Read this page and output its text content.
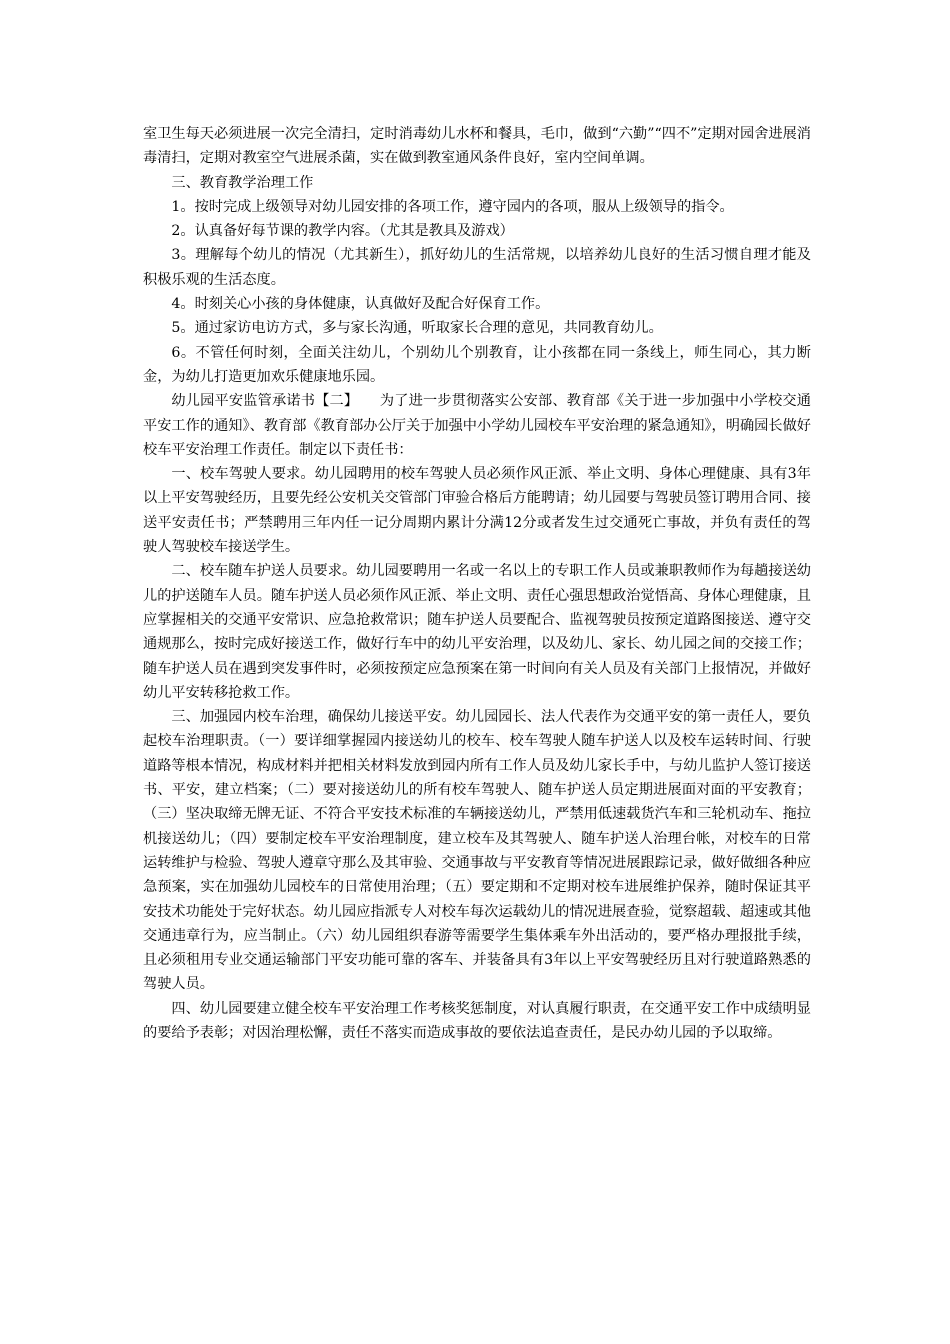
室卫生每天必须进展一次完全清扫，定时消毒幼儿水杯和餐具，毛巾，做到“六勤”“四不”定期对园舍进展消毒清扫，定期对教室空气进展杀菌，实在做到教室通风条件良好，室内空间单调。

三、教育教学治理工作

1。按时完成上级领导对幼儿园安排的各项工作，遵守园内的各项，服从上级领导的指令。

2。认真备好每节课的教学内容。（尤其是教具及游戏）

3。理解每个幼儿的情况（尤其新生），抓好幼儿的生活常规，以培养幼儿良好的生活习惯自理才能及积极乐观的生活态度。

4。时刻关心小孩的身体健康，认真做好及配合好保育工作。

5。通过家访电访方式，多与家长沟通，听取家长合理的意见，共同教育幼儿。

6。不管任何时刻，全面关注幼儿，个别幼儿个别教育，让小孩都在同一条线上，师生同心，其力断金，为幼儿打造更加欢乐健康地乐园。

幼儿园平安监管承诺书【二】　　为了进一步贯彻落实公安部、教育部《关于进一步加强中小学校交通平安工作的通知》、教育部《教育部办公厅关于加强中小学幼儿园校车平安治理的紧急通知》，明确园长做好校车平安治理工作责任。制定以下责任书：

一、校车驾驶人要求。幼儿园聘用的校车驾驶人员必须作风正派、举止文明、身体心理健康、具有3年以上平安驾驶经历，且要先经公安机关交管部门审验合格后方能聘请；幼儿园要与驾驶员签订聘用合同、接送平安责任书；严禁聘用三年内任一记分周期内累计分满12分或者发生过交通死亡事故，并负有责任的驾驶人驾驶校车接送学生。

二、校车随车护送人员要求。幼儿园要聘用一名或一名以上的专职工作人员或兼职教师作为每趟接送幼儿的护送随车人员。随车护送人员必须作风正派、举止文明、责任心强思想政治觉悟高、身体心理健康，且应掌握相关的交通平安常识、应急抢救常识；随车护送人员要配合、监视驾驶员按预定道路图接送、遵守交通规那么，按时完成好接送工作，做好行车中的幼儿平安治理，以及幼儿、家长、幼儿园之间的交接工作；随车护送人员在遇到突发事件时，必须按预定应急预案在第一时间向有关人员及有关部门上报情况，并做好幼儿平安转移抢救工作。

三、加强园内校车治理，确保幼儿接送平安。幼儿园园长、法人代表作为交通平安的第一责任人，要负起校车治理职责。（一）要详细掌握园内接送幼儿的校车、校车驾驶人随车护送人以及校车运转时间、行驶道路等根本情况，构成材料并把相关材料发放到园内所有工作人员及幼儿家长手中，与幼儿监护人签订接送书、平安，建立档案；（二）要对接送幼儿的所有校车驾驶人、随车护送人员定期进展面对面的平安教育；（三）坚决取缔无牌无证、不符合平安技术标准的车辆接送幼儿，严禁用低速载货汽车和三轮机动车、拖拉机接送幼儿；（四）要制定校车平安治理制度，建立校车及其驾驶人、随车护送人治理台帐，对校车的日常运转维护与检验、驾驶人遵章守那么及其审验、交通事故与平安教育等情况进展跟踪记录，做好做细各种应急预案，实在加强幼儿园校车的日常使用治理；（五）要定期和不定期对校车进展维护保养，随时保证其平安技术功能处于完好状态。幼儿园应指派专人对校车每次运载幼儿的情况进展查验，觉察超载、超速或其他交通违章行为，应当制止。（六）幼儿园组织春游等需要学生集体乘车外出活动的，要严格办理报批手续，且必须租用专业交通运输部门平安功能可靠的客车、并装备具有3年以上平安驾驶经历且对行驶道路熟悉的驾驶人员。

四、幼儿园要建立健全校车平安治理工作考核奖惩制度，对认真履行职责，在交通平安工作中成绩明显的要给予表彰；对因治理松懈，责任不落实而造成事故的要依法追查责任，是民办幼儿园的予以取缔。
